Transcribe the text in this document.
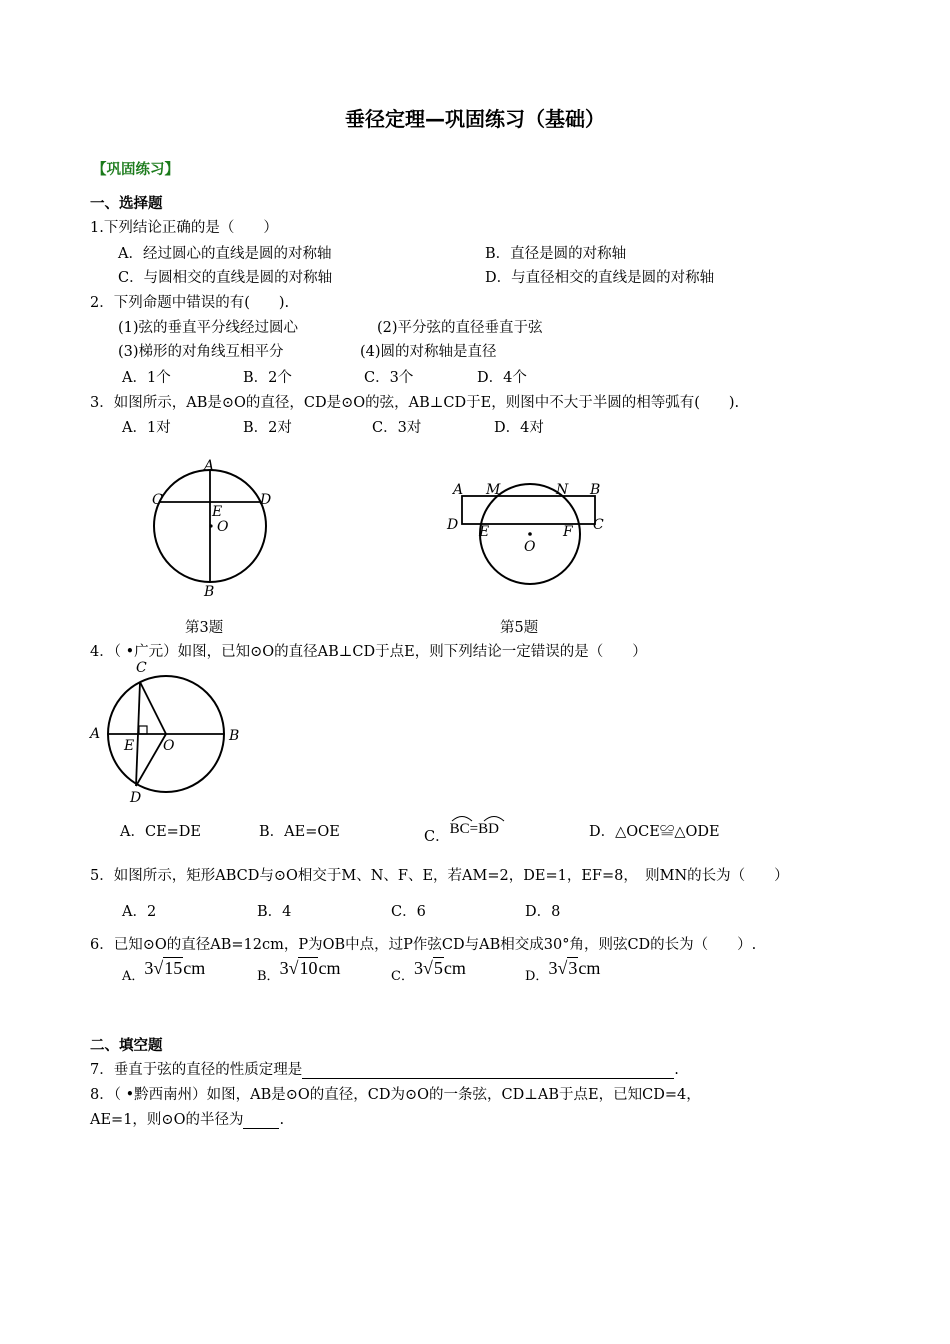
垂径定理—巩固练习（基础）
【巩固练习】
一、选择题
1.下列结论正确的是（　　）
A．经过圆心的直线是圆的对称轴	B．直径是圆的对称轴
C．与圆相交的直线是圆的对称轴	D．与直径相交的直线是圆的对称轴
2．下列命题中错误的有(　　).
(1)弦的垂直平分线经过圆心	(2)平分弦的直径垂直于弦
(3)梯形的对角线互相平分	(4)圆的对称轴是直径
A．1个	B．2个	C．3个	D．4个
3．如图所示，AB是⊙O的直径，CD是⊙O的弦，AB⊥CD于E，则图中不大于半圆的相等弧有(　　).
A．1对	B．2对	C．3对	D．4对
A
C	D
E
O
B
第3题
A M	N B
D	C
E	F
O
第5题
4．（ •广元）如图，已知⊙O的直径AB⊥CD于点E，则下列结论一定错误的是（　　）
C
A	B
E O
D
A．CE=DE	B．AE=OE	C．
BC=BD	D．△OCE≌△ODE
5．如图所示，矩形ABCD与⊙O相交于M、N、F、E，若AM=2，DE=1，EF=8，　则MN的长为（　　）
A．2	B．4	C．6	D．8
6．已知⊙O的直径AB=12cm，P为OB中点，过P作弦CD与AB相交成30°角，则弦CD的长为（　　）.
A．3√15cm	B．3√10cm	C．3√5cm	D．3√3cm
二、填空题
7．垂直于弦的直径的性质定理是	.
8．（ •黔西南州）如图，AB是⊙O的直径，CD为⊙O的一条弦，CD⊥AB于点E，已知CD=4，
AE=1，则⊙O的半径为 .
